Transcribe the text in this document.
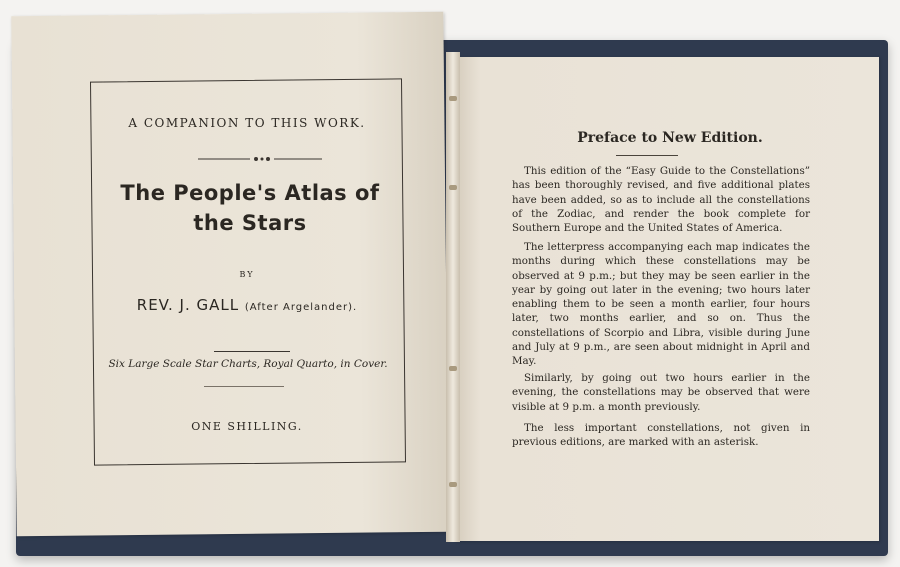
A COMPANION TO THIS WORK.
The People's Atlas of the Stars
BY
REV. J. GALL (After Argelander).
Six Large Scale Star Charts, Royal Quarto, in Cover.
ONE SHILLING.
Preface to New Edition.

This edition of the “Easy Guide to the Constellations” has been thoroughly revised, and five additional plates have been added, so as to include all the constellations of the Zodiac, and render the book complete for Southern Europe and the United States of America.

The letterpress accompanying each map indicates the months during which these constellations may be observed at 9 p.m.; but they may be seen earlier in the year by going out later in the evening; two hours later enabling them to be seen a month earlier, four hours later, two months earlier, and so on. Thus the constellations of Scorpio and Libra, visible during June and July at 9 p.m., are seen about midnight in April and May.

Similarly, by going out two hours earlier in the evening, the constellations may be observed that were visible at 9 p.m. a month previously.

The less important constellations, not given in previous editions, are marked with an asterisk.
